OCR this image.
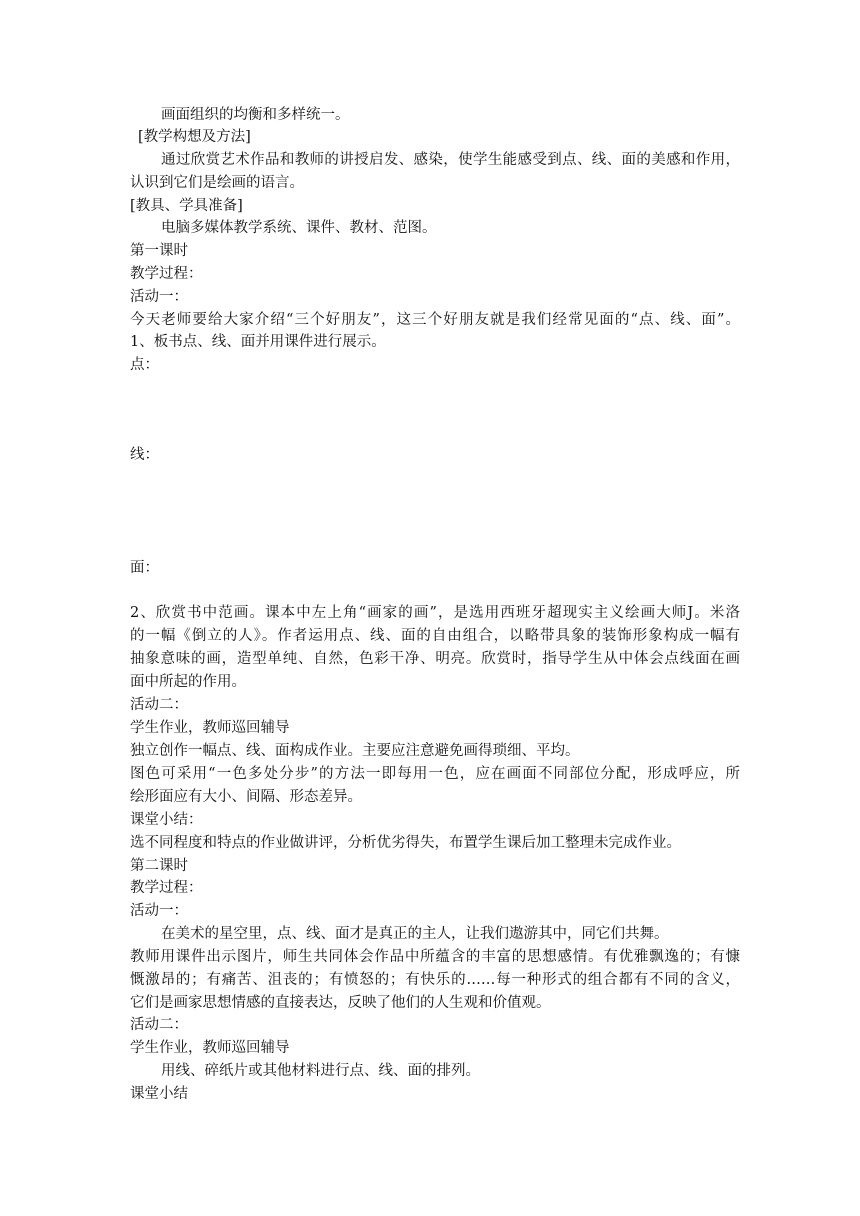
画面组织的均衡和多样统一。
[教学构想及方法]
通过欣赏艺术作品和教师的讲授启发、感染，使学生能感受到点、线、面的美感和作用，
认识到它们是绘画的语言。
[教具、学具准备]
电脑多媒体教学系统、课件、教材、范图。
第一课时
教学过程：
活动一：
今天老师要给大家介绍“三个好朋友”，这三个好朋友就是我们经常见面的“点、线、面”。
1、板书点、线、面并用课件进行展示。
点：
线：
面：
2、欣赏书中范画。课本中左上角“画家的画”，是选用西班牙超现实主义绘画大师J。米洛
的一幅《倒立的人》。作者运用点、线、面的自由组合，以略带具象的装饰形象构成一幅有
抽象意味的画，造型单纯、自然，色彩干净、明亮。欣赏时，指导学生从中体会点线面在画
面中所起的作用。
活动二：
学生作业，教师巡回辅导
独立创作一幅点、线、面构成作业。主要应注意避免画得琐细、平均。
图色可采用“一色多处分步”的方法一即每用一色，应在画面不同部位分配，形成呼应，所
绘形面应有大小、间隔、形态差异。
课堂小结：
选不同程度和特点的作业做讲评，分析优劣得失，布置学生课后加工整理未完成作业。
第二课时
教学过程：
活动一：
在美术的星空里，点、线、面才是真正的主人，让我们遨游其中，同它们共舞。
教师用课件出示图片，师生共同体会作品中所蕴含的丰富的思想感情。有优雅飘逸的；有慷
慨激昂的；有痛苦、沮丧的；有愤怒的；有快乐的……每一种形式的组合都有不同的含义，
它们是画家思想情感的直接表达，反映了他们的人生观和价值观。
活动二：
学生作业，教师巡回辅导
用线、碎纸片或其他材料进行点、线、面的排列。
课堂小结
